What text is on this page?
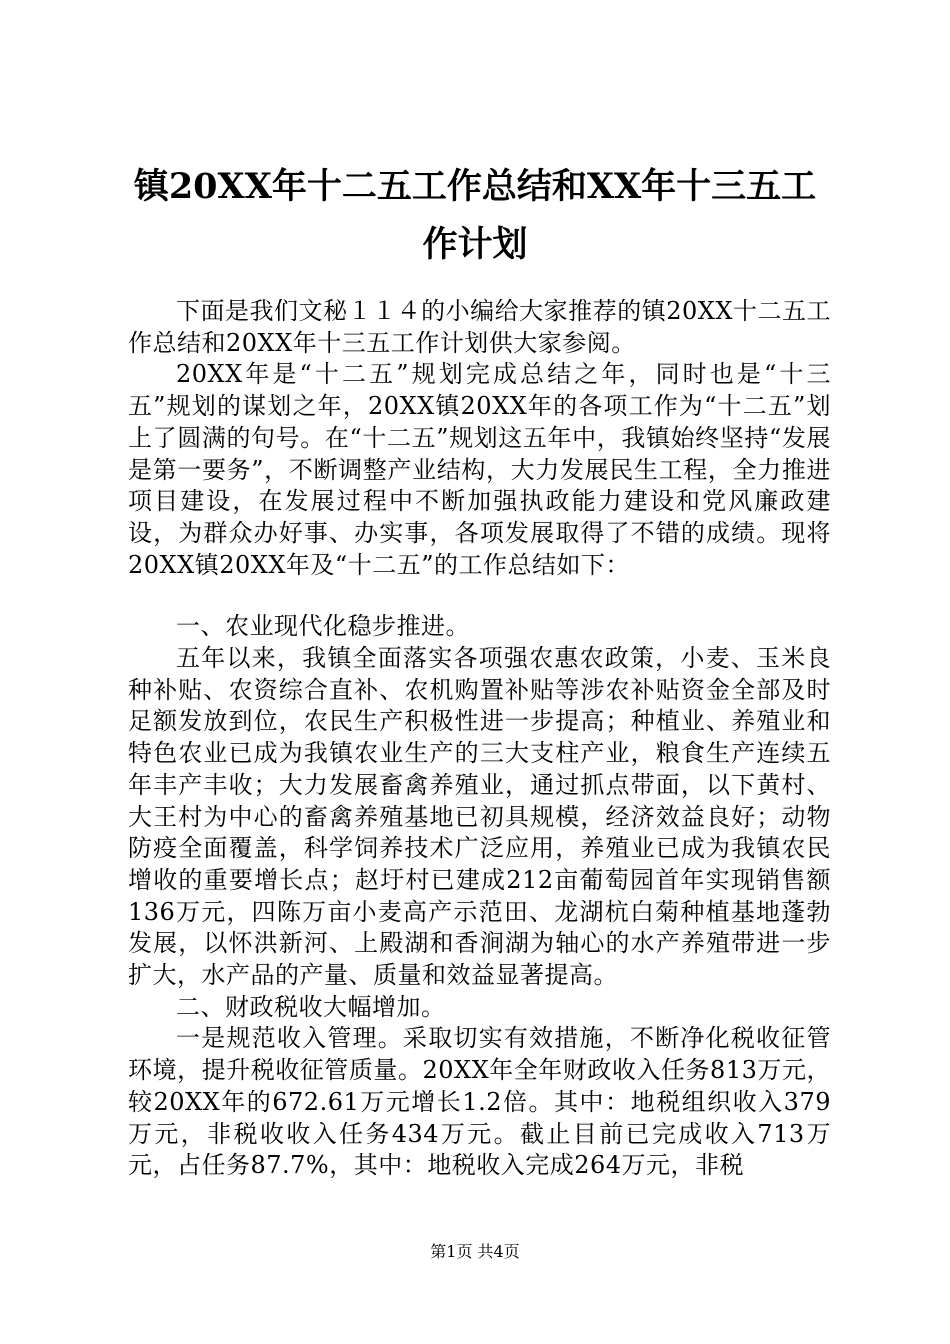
镇20XX年十二五工作总结和XX年十三五工作计划

下面是我们文秘１１４的小编给大家推荐的镇20XX十二五工作总结和20XX年十三五工作计划供大家参阅。

20XX年是“十二五”规划完成总结之年，同时也是“十三五”规划的谋划之年，20XX镇20XX年的各项工作为“十二五”划上了圆满的句号。在“十二五”规划这五年中，我镇始终坚持“发展是第一要务”，不断调整产业结构，大力发展民生工程，全力推进项目建设，在发展过程中不断加强执政能力建设和党风廉政建设，为群众办好事、办实事，各项发展取得了不错的成绩。现将20XX镇20XX年及“十二五”的工作总结如下：

一、农业现代化稳步推进。

五年以来，我镇全面落实各项强农惠农政策，小麦、玉米良种补贴、农资综合直补、农机购置补贴等涉农补贴资金全部及时足额发放到位，农民生产积极性进一步提高；种植业、养殖业和特色农业已成为我镇农业生产的三大支柱产业，粮食生产连续五年丰产丰收；大力发展畜禽养殖业，通过抓点带面，以下黄村、大王村为中心的畜禽养殖基地已初具规模，经济效益良好；动物防疫全面覆盖，科学饲养技术广泛应用，养殖业已成为我镇农民增收的重要增长点；赵圩村已建成212亩葡萄园首年实现销售额136万元，四陈万亩小麦高产示范田、龙湖杭白菊种植基地蓬勃发展，以怀洪新河、上殿湖和香涧湖为轴心的水产养殖带进一步扩大，水产品的产量、质量和效益显著提高。

二、财政税收大幅增加。

一是规范收入管理。采取切实有效措施，不断净化税收征管环境，提升税收征管质量。20XX年全年财政收入任务813万元，较20XX年的672.61万元增长1.2倍。其中：地税组织收入379万元，非税收收入任务434万元。截止目前已完成收入713万元，占任务87.7%，其中：地税收入完成264万元，非税

第1页 共4页
